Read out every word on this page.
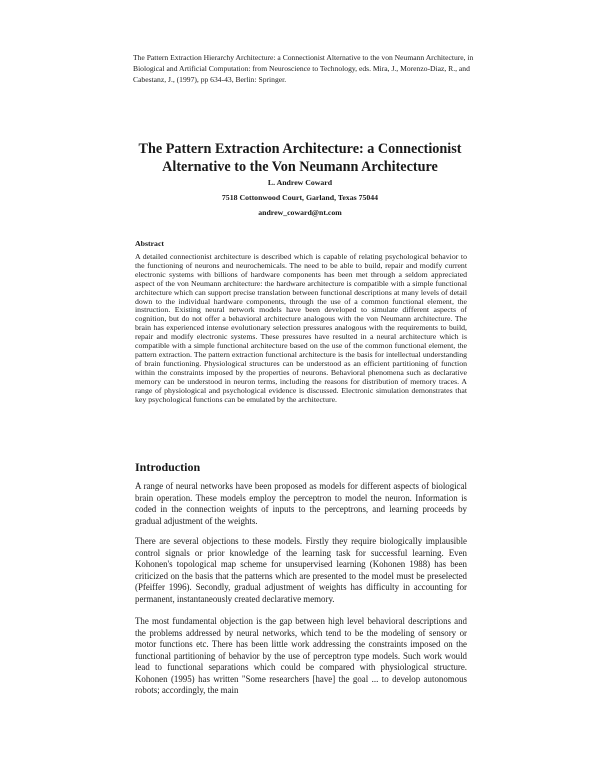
The Pattern Extraction Hierarchy Architecture: a Connectionist Alternative to the von Neumann Architecture, in Biological and Artificial Computation: from Neuroscience to Technology, eds. Mira, J., Morenzo-Diaz, R., and Cabestanz, J., (1997), pp 634-43, Berlin: Springer.
The Pattern Extraction Architecture: a Connectionist
Alternative to the Von Neumann Architecture
L. Andrew Coward
7518 Cottonwood Court, Garland, Texas 75044
andrew_coward@nt.com
Abstract

A detailed connectionist architecture is described which is capable of relating psychological behavior to the functioning of neurons and neurochemicals. The need to be able to build, repair and modify current electronic systems with billions of hardware components has been met through a seldom appreciated aspect of the von Neumann architecture: the hardware architecture is compatible with a simple functional architecture which can support precise translation between functional descriptions at many levels of detail down to the individual hardware components, through the use of a common functional element, the instruction. Existing neural network models have been developed to simulate different aspects of cognition, but do not offer a behavioral architecture analogous with the von Neumann architecture. The brain has experienced intense evolutionary selection pressures analogous with the requirements to build, repair and modify electronic systems. These pressures have resulted in a neural architecture which is compatible with a simple functional architecture based on the use of the common functional element, the pattern extraction. The pattern extraction functional architecture is the basis for intellectual understanding of brain functioning. Physiological structures can be understood as an efficient partitioning of function within the constraints imposed by the properties of neurons. Behavioral phenomena such as declarative memory can be understood in neuron terms, including the reasons for distribution of memory traces. A range of physiological and psychological evidence is discussed. Electronic simulation demonstrates that key psychological functions can be emulated by the architecture.

Introduction

A range of neural networks have been proposed as models for different aspects of biological brain operation. These models employ the perceptron to model the neuron. Information is coded in the connection weights of inputs to the perceptrons, and learning proceeds by gradual adjustment of the weights.

There are several objections to these models. Firstly they require biologically implausible control signals or prior knowledge of the learning task for successful learning. Even Kohonen's topological map scheme for unsupervised learning (Kohonen 1988) has been criticized on the basis that the patterns which are presented to the model must be preselected (Pfeiffer 1996). Secondly, gradual adjustment of weights has difficulty in accounting for permanent, instantaneously created declarative memory.

The most fundamental objection is the gap between high level behavioral descriptions and the problems addressed by neural networks, which tend to be the modeling of sensory or motor functions etc. There has been little work addressing the constraints imposed on the functional partitioning of behavior by the use of perceptron type models. Such work would lead to functional separations which could be compared with physiological structure. Kohonen (1995) has written "Some researchers [have] the goal ... to develop autonomous robots; accordingly, the main
